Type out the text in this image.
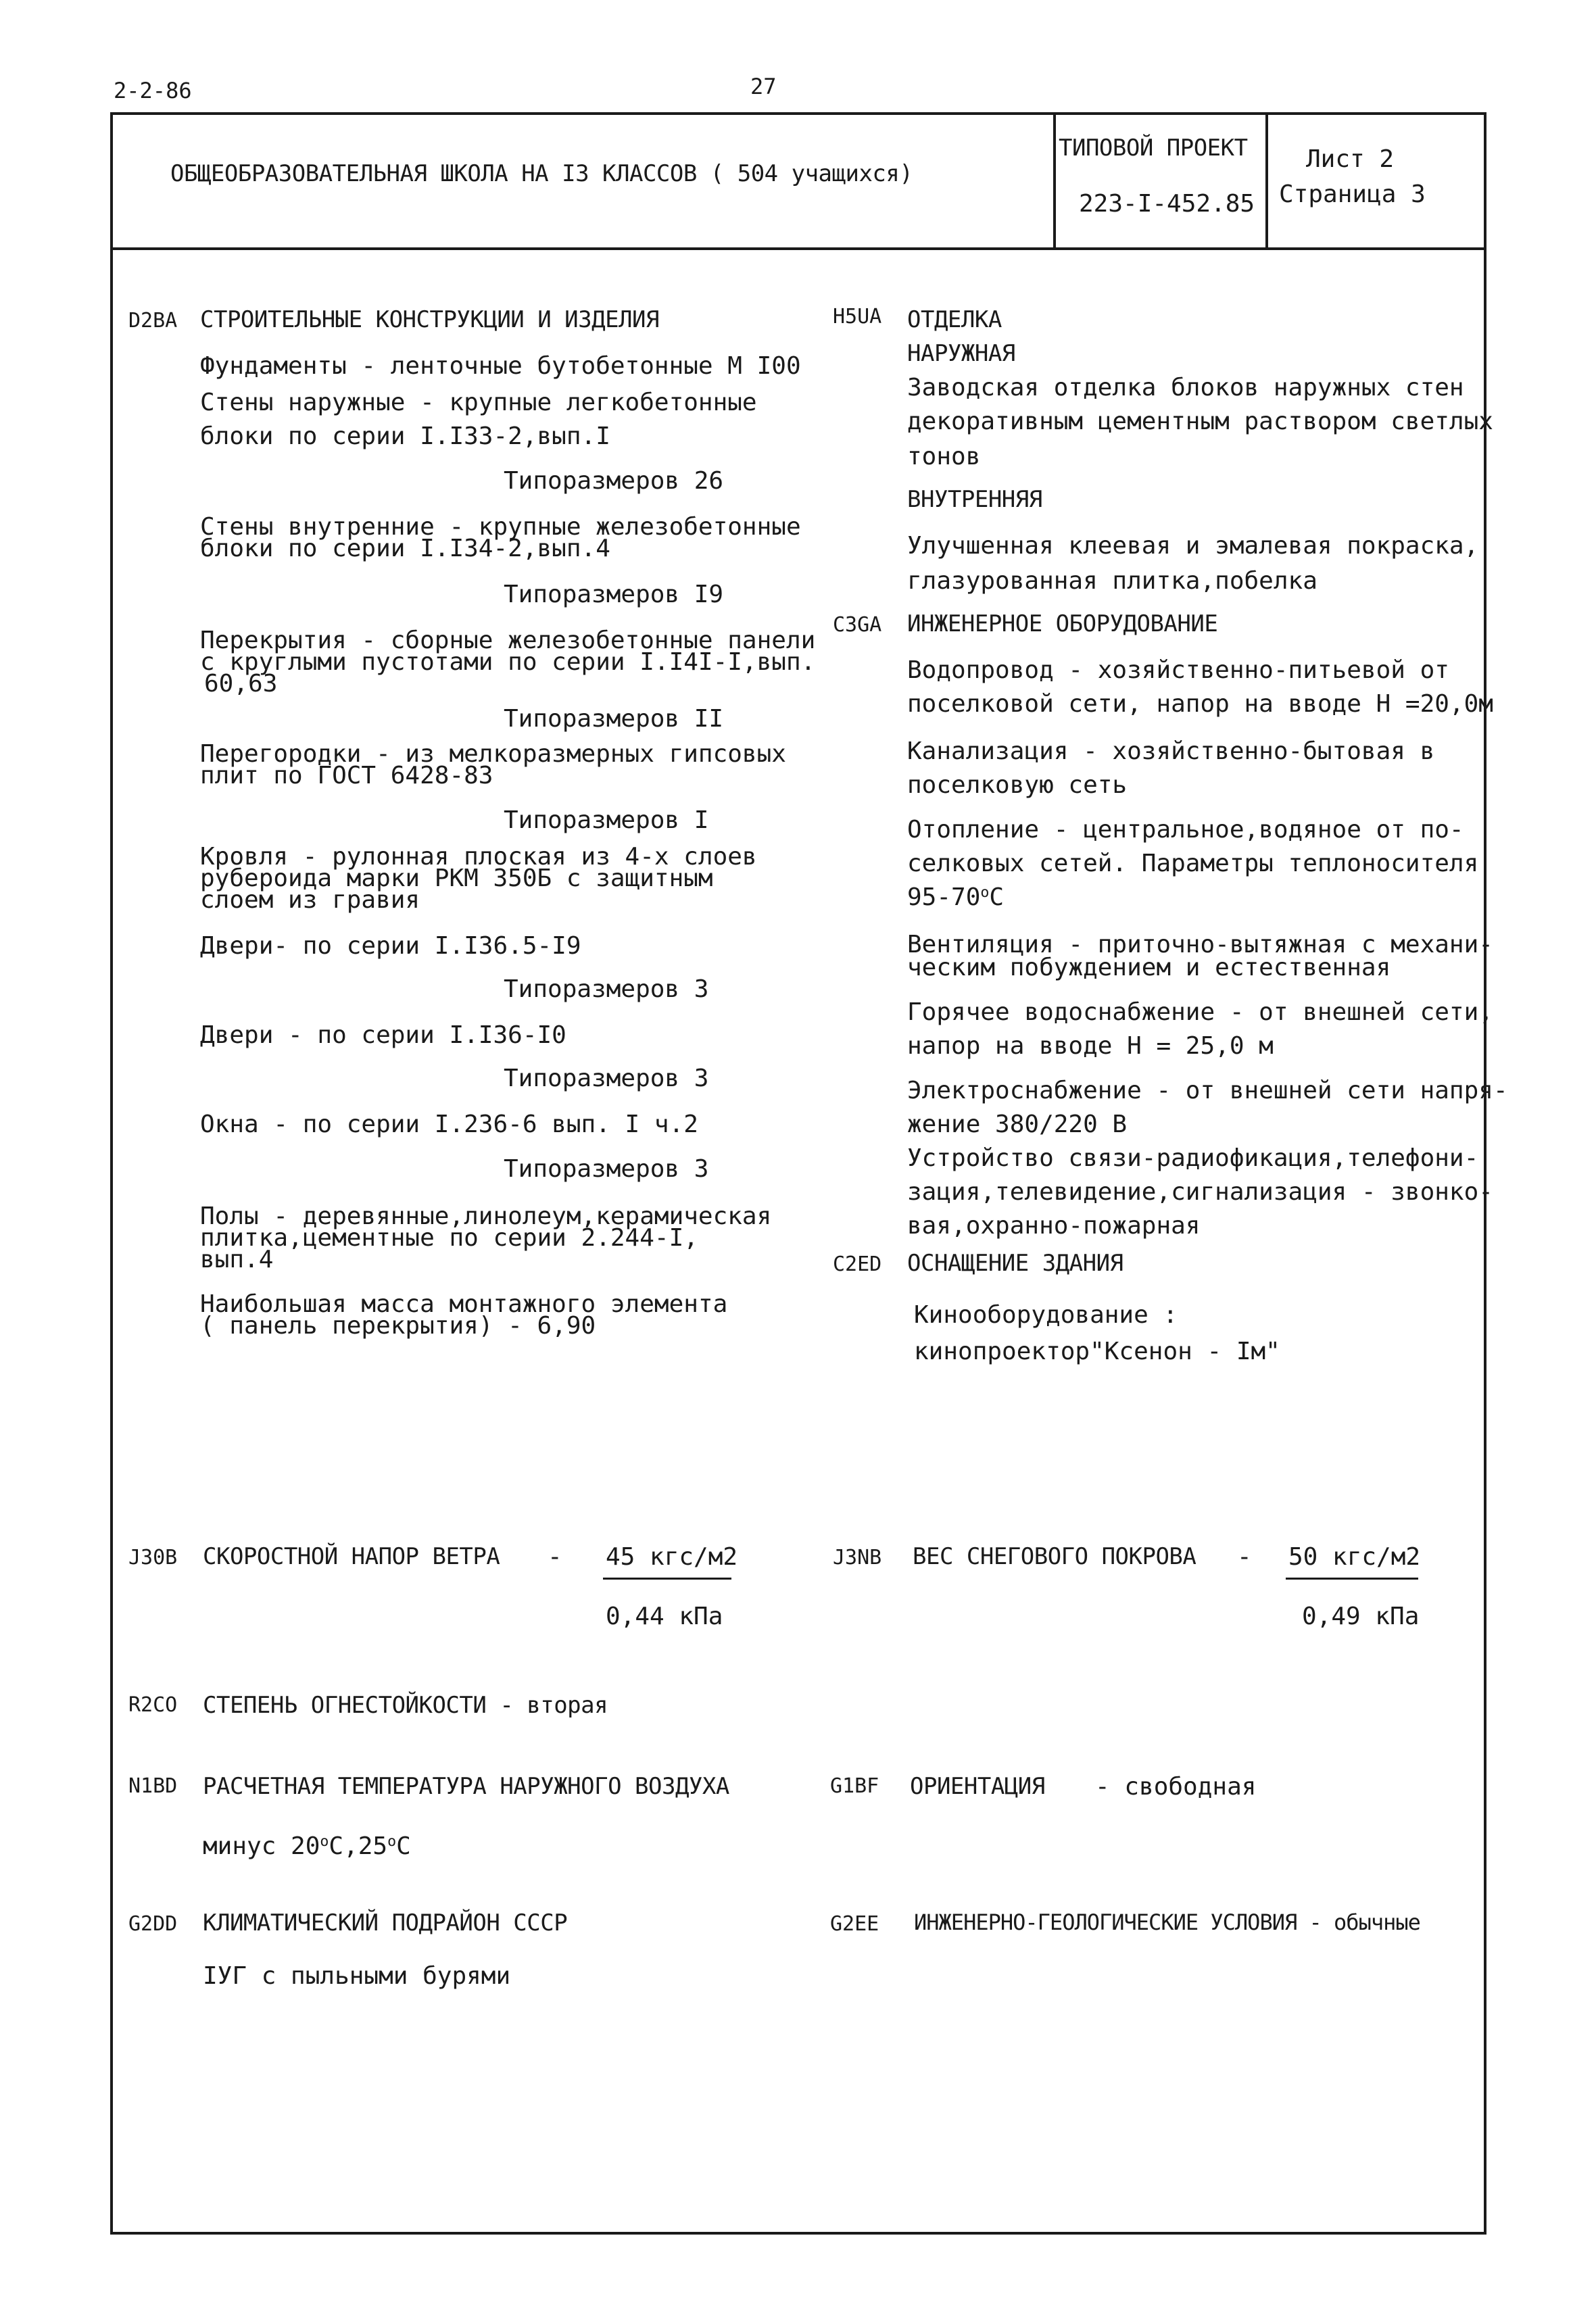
2-2-86	27
ОБЩЕОБРАЗОВАТЕЛЬНАЯ ШКОЛА НА I3 КЛАССОВ ( 504 учащихся)
ТИПОВОЙ ПРОЕКТ
223-I-452.85
Лист 2
Страница 3
D2BA СТРОИТЕЛЬНЫЕ КОНСТРУКЦИИ И ИЗДЕЛИЯ
Фундаменты - ленточные бутобетонные М I00
Стены наружные - крупные легкобетонные
блоки по серии I.I33-2,вып.I
Типоразмеров 26
Стены внутренние - крупные железобетонные
блоки по серии I.I34-2,вып.4
Типоразмеров I9
Перекрытия - сборные железобетонные панели
с круглыми пустотами по серии I.I4I-I,вып.
60,63
Типоразмеров II
Перегородки - из мелкоразмерных гипсовых
плит по ГОСТ 6428-83
Типоразмеров I
Кровля - рулонная плоская из 4-х слоев
рубероида марки РКМ 350Б с защитным
слоем из гравия
Двери- по серии I.I36.5-I9
Типоразмеров 3
Двери - по серии I.I36-I0
Типоразмеров 3
Окна - по серии I.236-6 вып. I ч.2
Типоразмеров 3
Полы - деревянные,линолеум,керамическая
плитка,цементные по серии 2.244-I,
вып.4
Наибольшая масса монтажного элемента
( панель перекрытия) - 6,90
H5UA ОТДЕЛКА
НАРУЖНАЯ
Заводская отделка блоков наружных стен
декоративным цементным раствором светлых
тонов
ВНУТРЕННЯЯ
Улучшенная клеевая и эмалевая покраска,
глазурованная плитка,побелка
C3GA ИНЖЕНЕРНОЕ ОБОРУДОВАНИЕ
Водопровод - хозяйственно-питьевой от
поселковой сети, напор на вводе Н =20,0м
Канализация - хозяйственно-бытовая в
поселковую сеть
Отопление - центральное,водяное от по-
селковых сетей. Параметры теплоносителя
$95-70^оС$
Вентиляция - приточно-вытяжная с механи-
ческим побуждением и естественная
Горячее водоснабжение - от внешней сети,
напор на вводе Н = 25,0 м
Электроснабжение - от внешней сети напря-
жение 380/220 В
Устройство связи-радиофикация,телефони-
зация,телевидение,сигнализация - звонко-
вая,охранно-пожарная
C2ED ОСНАЩЕНИЕ ЗДАНИЯ
Кинооборудование :
кинопроектор"Ксенон - Iм"
J30B СКОРОСТНОЙ НАПОР ВЕТРА - 45 кгс/м2
0,44 кПа
J3NB ВЕС СНЕГОВОГО ПОКРОВА - 50 кгс/м2
0,49 кПа
R2CO СТЕПЕНЬ ОГНЕСТОЙКОСТИ - вторая
N1BD РАСЧЕТНАЯ ТЕМПЕРАТУРА НАРУЖНОГО ВОЗДУХА
минус $20^оС,25^оС$
G1BF ОРИЕНТАЦИЯ - свободная
G2DD КЛИМАТИЧЕСКИЙ ПОДРАЙОН СССР
IУГ с пыльными бурями
G2EE ИНЖЕНЕРНО-ГЕОЛОГИЧЕСКИЕ УСЛОВИЯ - обычные
